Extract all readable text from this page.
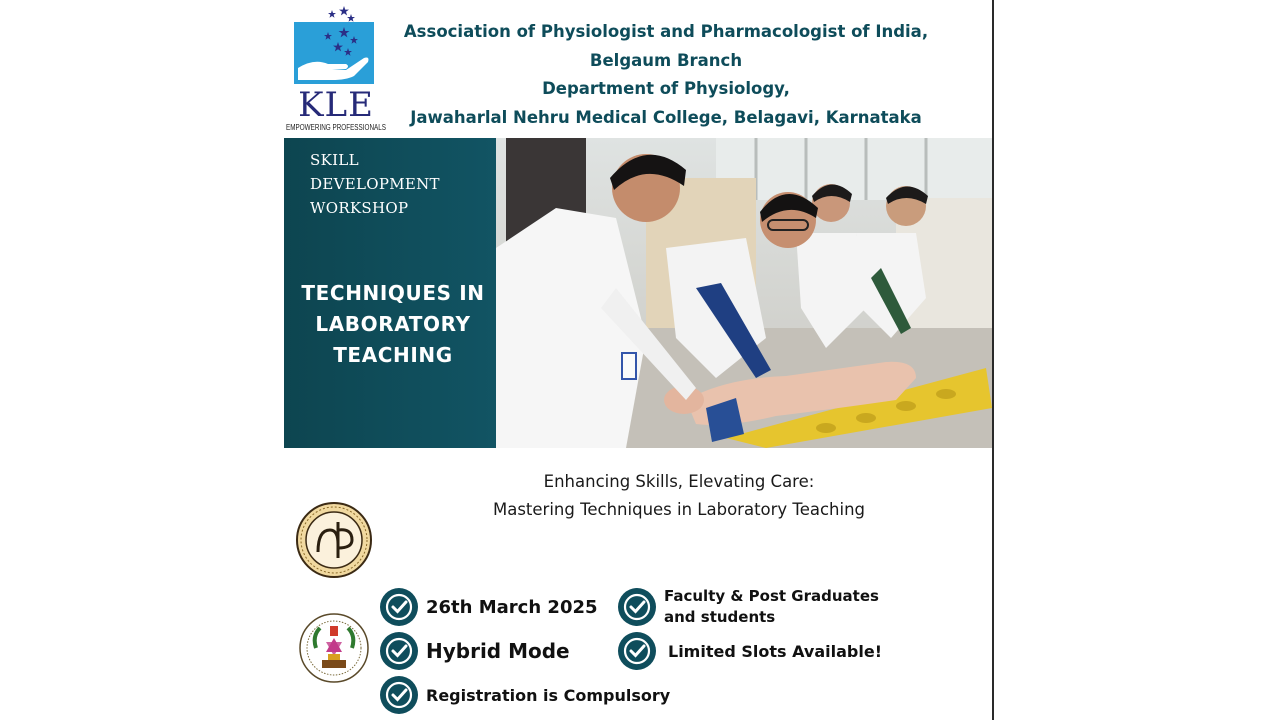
KLE
EMPOWERING PROFESSIONALS
Association of Physiologist and Pharmacologist of India,
Belgaum Branch
Department of Physiology,
Jawaharlal Nehru Medical College, Belagavi, Karnataka
SKILL
DEVELOPMENT
WORKSHOP
TECHNIQUES IN
LABORATORY
TEACHING
Enhancing Skills, Elevating Care:
Mastering Techniques in Laboratory Teaching
26th March 2025
Hybrid Mode
Registration is Compulsory
Faculty & Post Graduates and students
Limited Slots Available!
